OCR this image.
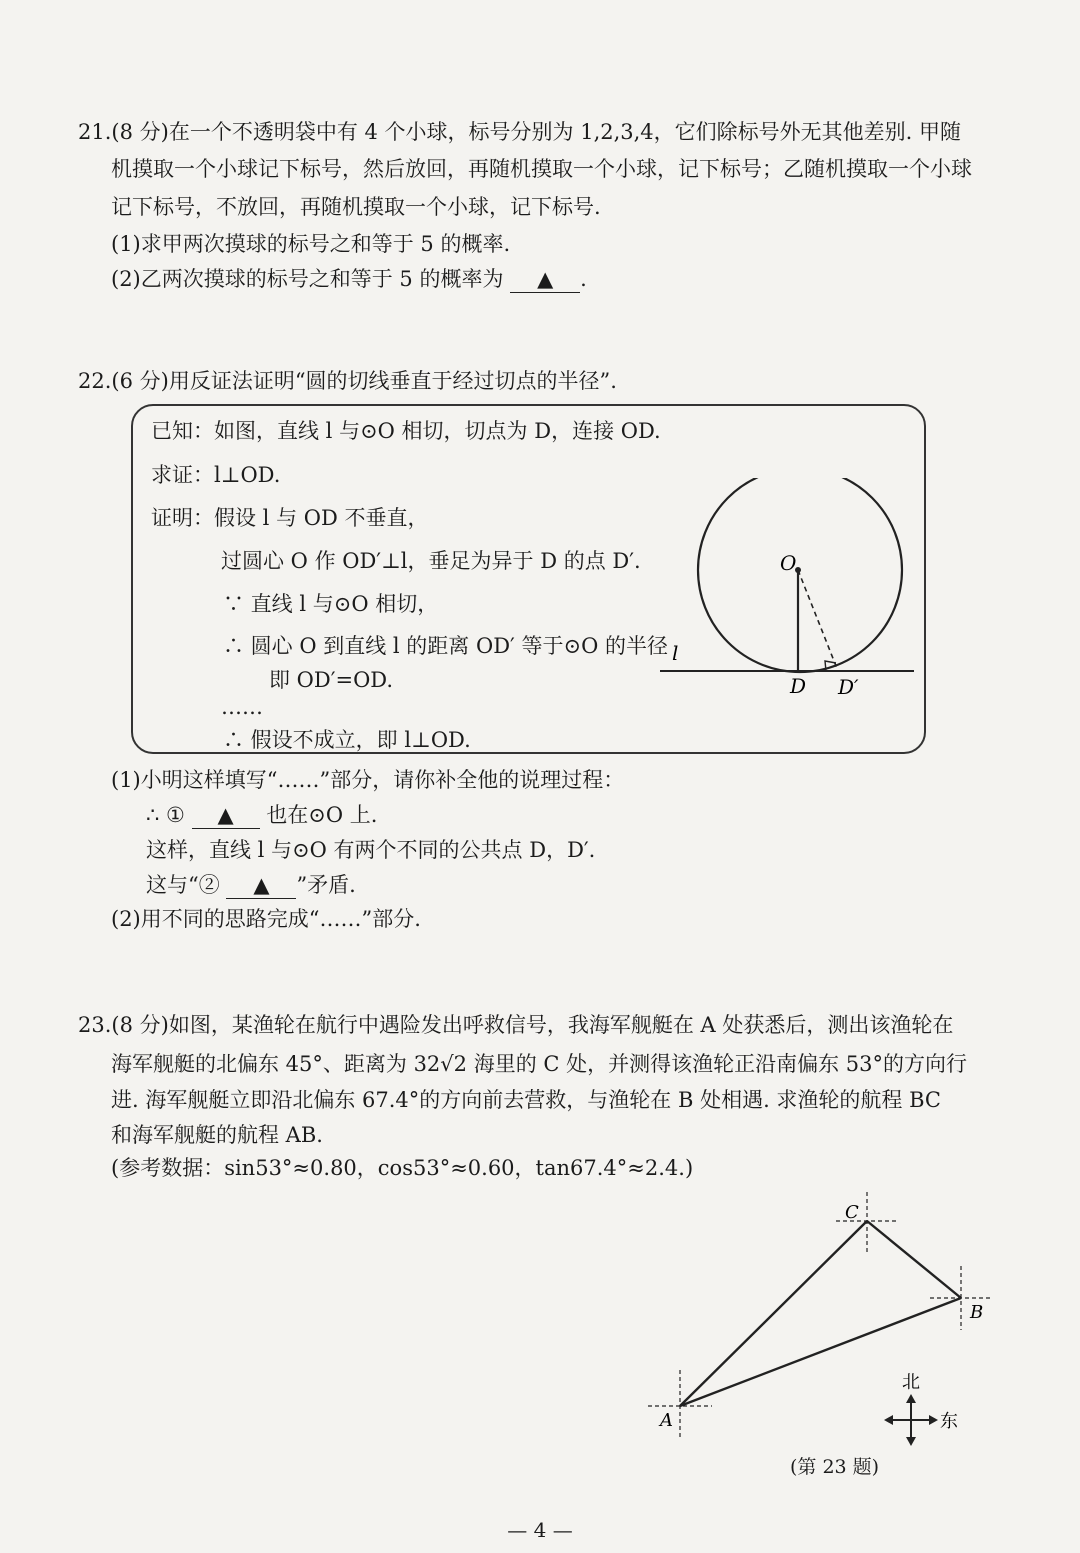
21.(8 分)在一个不透明袋中有 4 个小球，标号分别为 1,2,3,4，它们除标号外无其他差别. 甲随
机摸取一个小球记下标号，然后放回，再随机摸取一个小球，记下标号；乙随机摸取一个小球
记下标号，不放回，再随机摸取一个小球，记下标号.
(1)求甲两次摸球的标号之和等于 5 的概率.
(2)乙两次摸球的标号之和等于 5 的概率为 ▲ .
22.(6 分)用反证法证明“圆的切线垂直于经过切点的半径”.
已知：如图，直线 l 与⊙O 相切，切点为 D，连接 OD.
求证：l⊥OD.
证明：假设 l 与 OD 不垂直，
过圆心 O 作 OD′⊥l，垂足为异于 D 的点 D′.
∵ 直线 l 与⊙O 相切，
∴ 圆心 O 到直线 l 的距离 OD′ 等于⊙O 的半径
即 OD′=OD.
……
∴ 假设不成立，即 l⊥OD.
O
D D′
l
(1)小明这样填写“……”部分，请你补全他的说理过程：
∴ ① ▲ 也在⊙O 上.
这样，直线 l 与⊙O 有两个不同的公共点 D，D′.
这与“② ▲ ”矛盾.
(2)用不同的思路完成“……”部分.
23.(8 分)如图，某渔轮在航行中遇险发出呼救信号，我海军舰艇在 A 处获悉后，测出该渔轮在
海军舰艇的北偏东 45°、距离为 32√2 海里的 C 处，并测得该渔轮正沿南偏东 53°的方向行
进. 海军舰艇立即沿北偏东 67.4°的方向前去营救，与渔轮在 B 处相遇. 求渔轮的航程 BC
和海军舰艇的航程 AB.
(参考数据：sin53°≈0.80，cos53°≈0.60，tan67.4°≈2.4.)
A
B
C
北
东
(第 23 题)
— 4 —
